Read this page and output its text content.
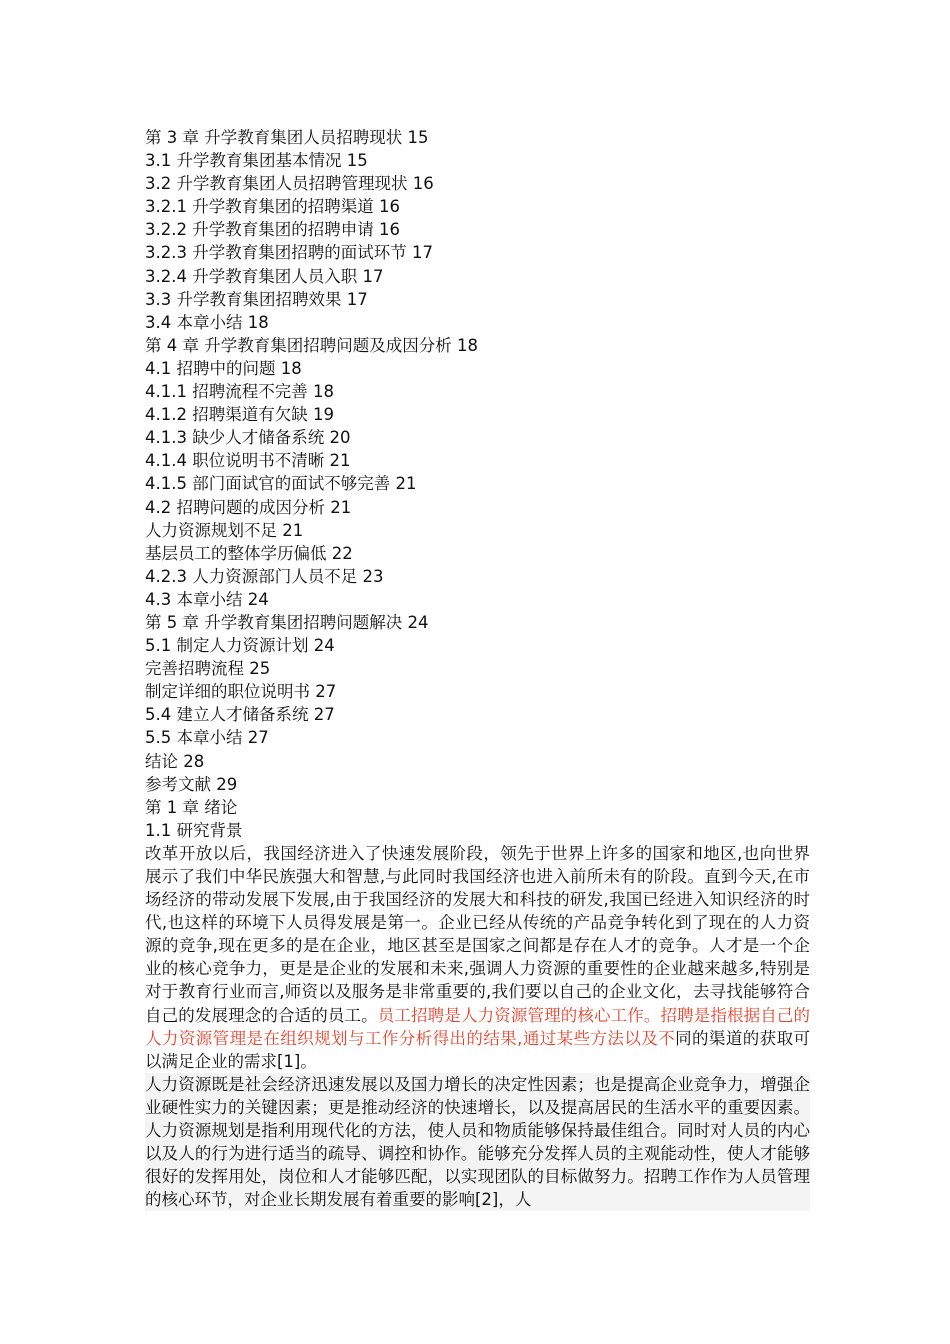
第 3 章 升学教育集团人员招聘现状 15
3.1 升学教育集团基本情况 15
3.2 升学教育集团人员招聘管理现状 16
3.2.1 升学教育集团的招聘渠道 16
3.2.2 升学教育集团的招聘申请 16
3.2.3 升学教育集团招聘的面试环节 17
3.2.4 升学教育集团人员入职 17
3.3 升学教育集团招聘效果 17
3.4 本章小结 18
第 4 章 升学教育集团招聘问题及成因分析 18
4.1 招聘中的问题 18
4.1.1 招聘流程不完善 18
4.1.2 招聘渠道有欠缺 19
4.1.3 缺少人才储备系统 20
4.1.4 职位说明书不清晰 21
4.1.5 部门面试官的面试不够完善 21
4.2 招聘问题的成因分析 21
人力资源规划不足 21
基层员工的整体学历偏低 22
4.2.3 人力资源部门人员不足 23
4.3 本章小结 24
第 5 章 升学教育集团招聘问题解决 24
5.1 制定人力资源计划 24
完善招聘流程 25
制定详细的职位说明书 27
5.4 建立人才储备系统 27
5.5 本章小结 27
结论 28
参考文献 29
第 1 章 绪论
1.1 研究背景

改革开放以后，我国经济进入了快速发展阶段，领先于世界上许多的国家和地区,也向世界展示了我们中华民族强大和智慧,与此同时我国经济也进入前所未有的阶段。直到今天,在市场经济的带动发展下发展,由于我国经济的发展大和科技的研发,我国已经进入知识经济的时代,也这样的环境下人员得发展是第一。企业已经从传统的产品竞争转化到了现在的人力资源的竞争,现在更多的是在企业，地区甚至是国家之间都是存在人才的竞争。人才是一个企业的核心竞争力，更是是企业的发展和未来,强调人力资源的重要性的企业越来越多,特别是对于教育行业而言,师资以及服务是非常重要的,我们要以自己的企业文化，去寻找能够符合自己的发展理念的合适的员工。员工招聘是人力资源管理的核心工作。招聘是指根据自己的人力资源管理是在组织规划与工作分析得出的结果,通过某些方法以及不同的渠道的获取可以满足企业的需求[1]。

人力资源既是社会经济迅速发展以及国力增长的决定性因素；也是提高企业竞争力，增强企业硬性实力的关键因素；更是推动经济的快速增长，以及提高居民的生活水平的重要因素。人力资源规划是指利用现代化的方法，使人员和物质能够保持最佳组合。同时对人员的内心以及人的行为进行适当的疏导、调控和协作。能够充分发挥人员的主观能动性，使人才能够很好的发挥用处，岗位和人才能够匹配，以实现团队的目标做努力。招聘工作作为人员管理的核心环节，对企业长期发展有着重要的影响[2]，人
